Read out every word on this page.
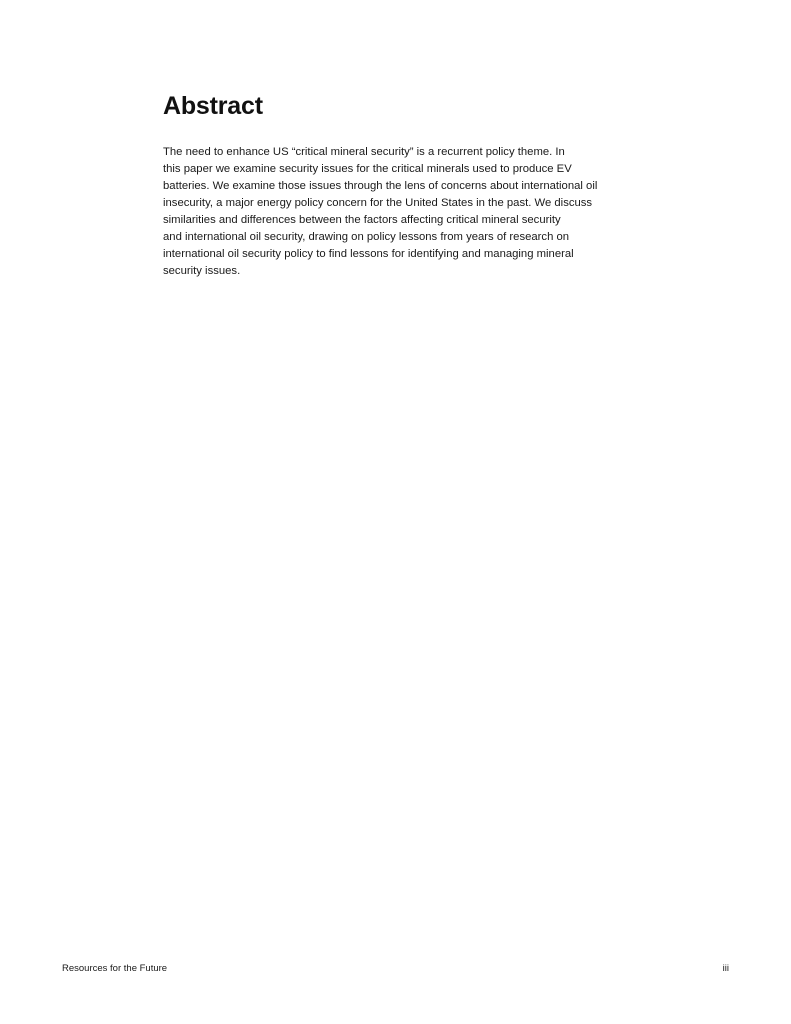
Abstract
The need to enhance US “critical mineral security” is a recurrent policy theme. In
this paper we examine security issues for the critical minerals used to produce EV
batteries. We examine those issues through the lens of concerns about international oil
insecurity, a major energy policy concern for the United States in the past. We discuss
similarities and differences between the factors affecting critical mineral security
and international oil security, drawing on policy lessons from years of research on
international oil security policy to find lessons for identifying and managing mineral
security issues.
Resources for the Future	iii
